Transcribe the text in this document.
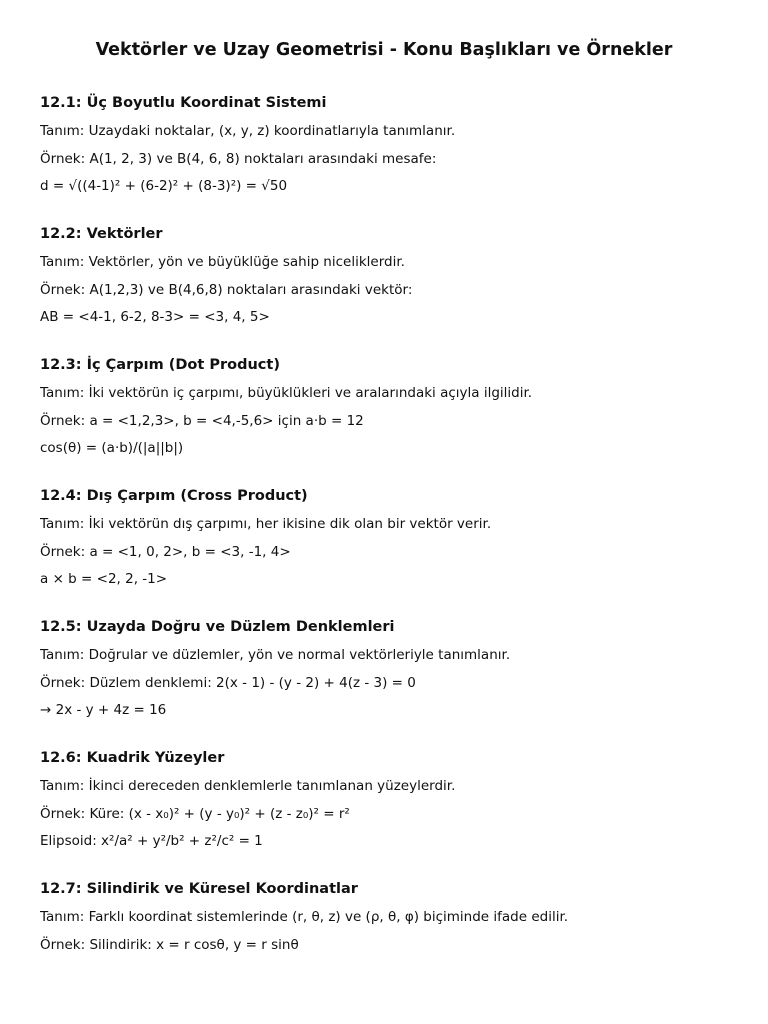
Vektörler ve Uzay Geometrisi - Konu Başlıkları ve Örnekler
12.1: Üç Boyutlu Koordinat Sistemi

Tanım: Uzaydaki noktalar, (x, y, z) koordinatlarıyla tanımlanır.

Örnek: A(1, 2, 3) ve B(4, 6, 8) noktaları arasındaki mesafe:

d = √((4-1)² + (6-2)² + (8-3)²) = √50

12.2: Vektörler

Tanım: Vektörler, yön ve büyüklüğe sahip niceliklerdir.

Örnek: A(1,2,3) ve B(4,6,8) noktaları arasındaki vektör:

AB = <4-1, 6-2, 8-3> = <3, 4, 5>

12.3: İç Çarpım (Dot Product)

Tanım: İki vektörün iç çarpımı, büyüklükleri ve aralarındaki açıyla ilgilidir.

Örnek: a = <1,2,3>, b = <4,-5,6> için a·b = 12

cos(θ) = (a·b)/(|a||b|)

12.4: Dış Çarpım (Cross Product)

Tanım: İki vektörün dış çarpımı, her ikisine dik olan bir vektör verir.

Örnek: a = <1, 0, 2>, b = <3, -1, 4>

a × b = <2, 2, -1>

12.5: Uzayda Doğru ve Düzlem Denklemleri

Tanım: Doğrular ve düzlemler, yön ve normal vektörleriyle tanımlanır.

Örnek: Düzlem denklemi: 2(x - 1) - (y - 2) + 4(z - 3) = 0

→ 2x - y + 4z = 16

12.6: Kuadrik Yüzeyler

Tanım: İkinci dereceden denklemlerle tanımlanan yüzeylerdir.

Örnek: Küre: (x - x₀)² + (y - y₀)² + (z - z₀)² = r²

Elipsoid: x²/a² + y²/b² + z²/c² = 1

12.7: Silindirik ve Küresel Koordinatlar

Tanım: Farklı koordinat sistemlerinde (r, θ, z) ve (ρ, θ, φ) biçiminde ifade edilir.

Örnek: Silindirik: x = r cosθ, y = r sinθ
